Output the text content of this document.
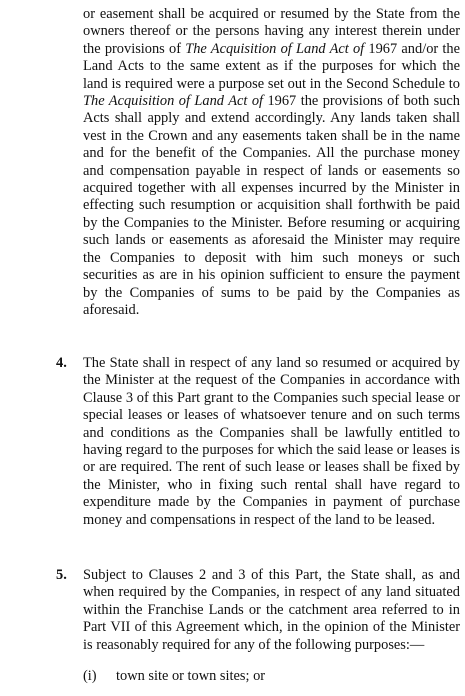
or easement shall be acquired or resumed by the State from the owners thereof or the persons having any interest therein under the provisions of The Acquisition of Land Act of 1967 and/or the Land Acts to the same extent as if the purposes for which the land is required were a purpose set out in the Second Schedule to The Acquisition of Land Act of 1967 the provisions of both such Acts shall apply and extend accordingly. Any lands taken shall vest in the Crown and any easements taken shall be in the name and for the benefit of the Companies. All the purchase money and compensation payable in respect of lands or easements so acquired together with all expenses incurred by the Minister in effecting such resumption or acquisition shall forthwith be paid by the Companies to the Minister. Before resuming or acquiring such lands or easements as aforesaid the Minister may require the Companies to deposit with him such moneys or such securities as are in his opinion sufficient to ensure the payment by the Companies of sums to be paid by the Companies as aforesaid.

4. The State shall in respect of any land so resumed or acquired by the Minister at the request of the Companies in accordance with Clause 3 of this Part grant to the Companies such special lease or special leases or leases of whatsoever tenure and on such terms and conditions as the Companies shall be lawfully entitled to having regard to the purposes for which the said lease or leases is or are required. The rent of such lease or leases shall be fixed by the Minister, who in fixing such rental shall have regard to expenditure made by the Companies in payment of purchase money and compensations in respect of the land to be leased.

5. Subject to Clauses 2 and 3 of this Part, the State shall, as and when required by the Companies, in respect of any land situated within the Franchise Lands or the catchment area referred to in Part VII of this Agreement which, in the opinion of the Minister is reasonably required for any of the following purposes:—

(i) town site or town sites; or
